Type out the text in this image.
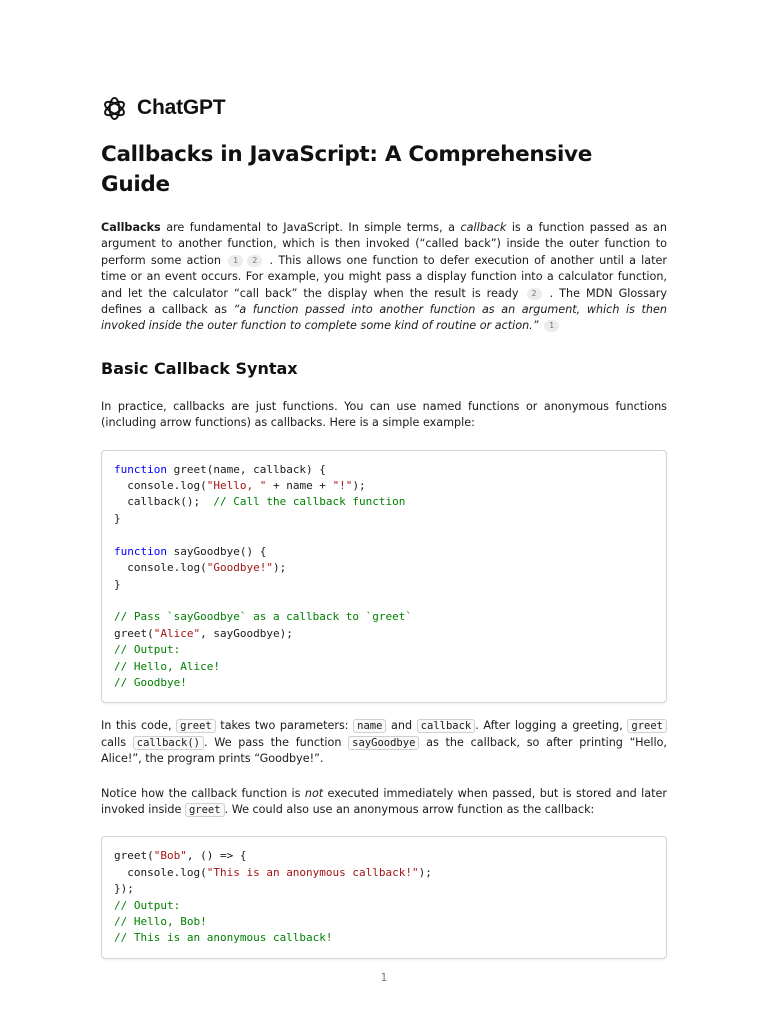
ChatGPT
Callbacks in JavaScript: A Comprehensive Guide

Callbacks are fundamental to JavaScript. In simple terms, a callback is a function passed as an argument to another function, which is then invoked (“called back”) inside the outer function to perform some action 1 2 . This allows one function to defer execution of another until a later time or an event occurs. For example, you might pass a display function into a calculator function, and let the calculator “call back” the display when the result is ready 2 . The MDN Glossary defines a callback as “a function passed into another function as an argument, which is then invoked inside the outer function to complete some kind of routine or action.” 1

Basic Callback Syntax

In practice, callbacks are just functions. You can use named functions or anonymous functions (including arrow functions) as callbacks. Here is a simple example:

function greet(name, callback) {
console.log("Hello, " + name + "!");
callback();  // Call the callback function
}

function sayGoodbye() {
console.log("Goodbye!");
}

// Pass `sayGoodbye` as a callback to `greet`
greet("Alice", sayGoodbye);
// Output:
// Hello, Alice!
// Goodbye!

In this code, greet takes two parameters: name and callback . After logging a greeting, greet calls callback() . We pass the function sayGoodbye as the callback, so after printing “Hello, Alice!”, the program prints “Goodbye!”.

Notice how the callback function is not executed immediately when passed, but is stored and later invoked inside greet . We could also use an anonymous arrow function as the callback:

greet("Bob", () => {
console.log("This is an anonymous callback!");
});
// Output:
// Hello, Bob!
// This is an anonymous callback!
1
